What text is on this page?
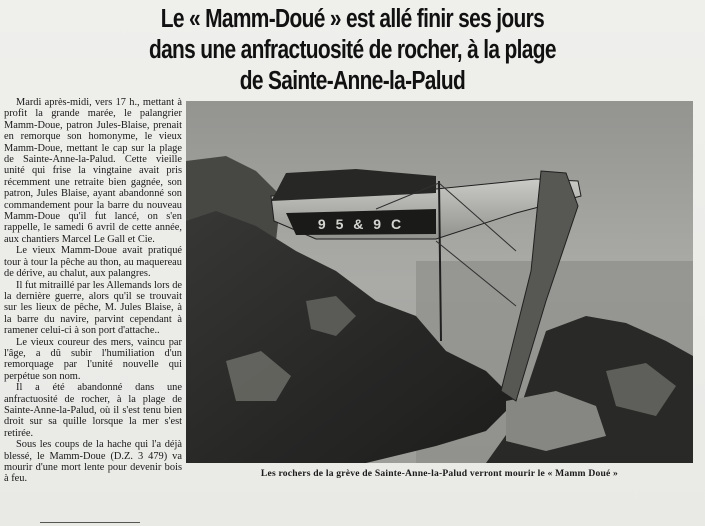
Le « Mamm-Doué » est allé finir ses jours
dans une anfractuosité de rocher, à la plage
de Sainte-Anne-la-Palud

Mardi après-midi, vers 17 h., mettant à profit la grande marée, le palangrier Mamm-Doue, patron Jules-Blaise, prenait en remorque son homonyme, le vieux Mamm-Doue, mettant le cap sur la plage de Sainte-Anne-la-Palud. Cette vieille unité qui frise la vingtaine avait pris récemment une retraite bien gagnée, son patron, Jules Blaise, ayant abandonné son commandement pour la barre du nouveau Mamm-Doue qu'il fut lancé, on s'en rappelle, le samedi 6 avril de cette année, aux chantiers Marcel Le Gall et Cie.

Le vieux Mamm-Doue avait pratiqué tour à tour la pêche au thon, au maquereau de dérive, au chalut, aux palangres.

Il fut mitraillé par les Allemands lors de la dernière guerre, alors qu'il se trouvait sur les lieux de pêche, M. Jules Blaise, à la barre du navire, parvint cependant à ramener celui-ci à son port d'attache..

Le vieux coureur des mers, vaincu par l'âge, a dû subir l'humiliation d'un remorquage par l'unité nouvelle qui perpétue son nom.

Il a été abandonné dans une anfractuosité de rocher, à la plage de Sainte-Anne-la-Palud, où il s'est tenu bien droit sur sa quille lorsque la mer s'est retirée.

Sous les coups de la hache qui l'a déjà blessé, le Mamm-Doue (D.Z. 3 479) va mourir d'une mort lente pour devenir bois à feu.

9 5 & 9 C
Les rochers de la grève de Sainte-Anne-la-Palud verront mourir le « Mamm Doué »
